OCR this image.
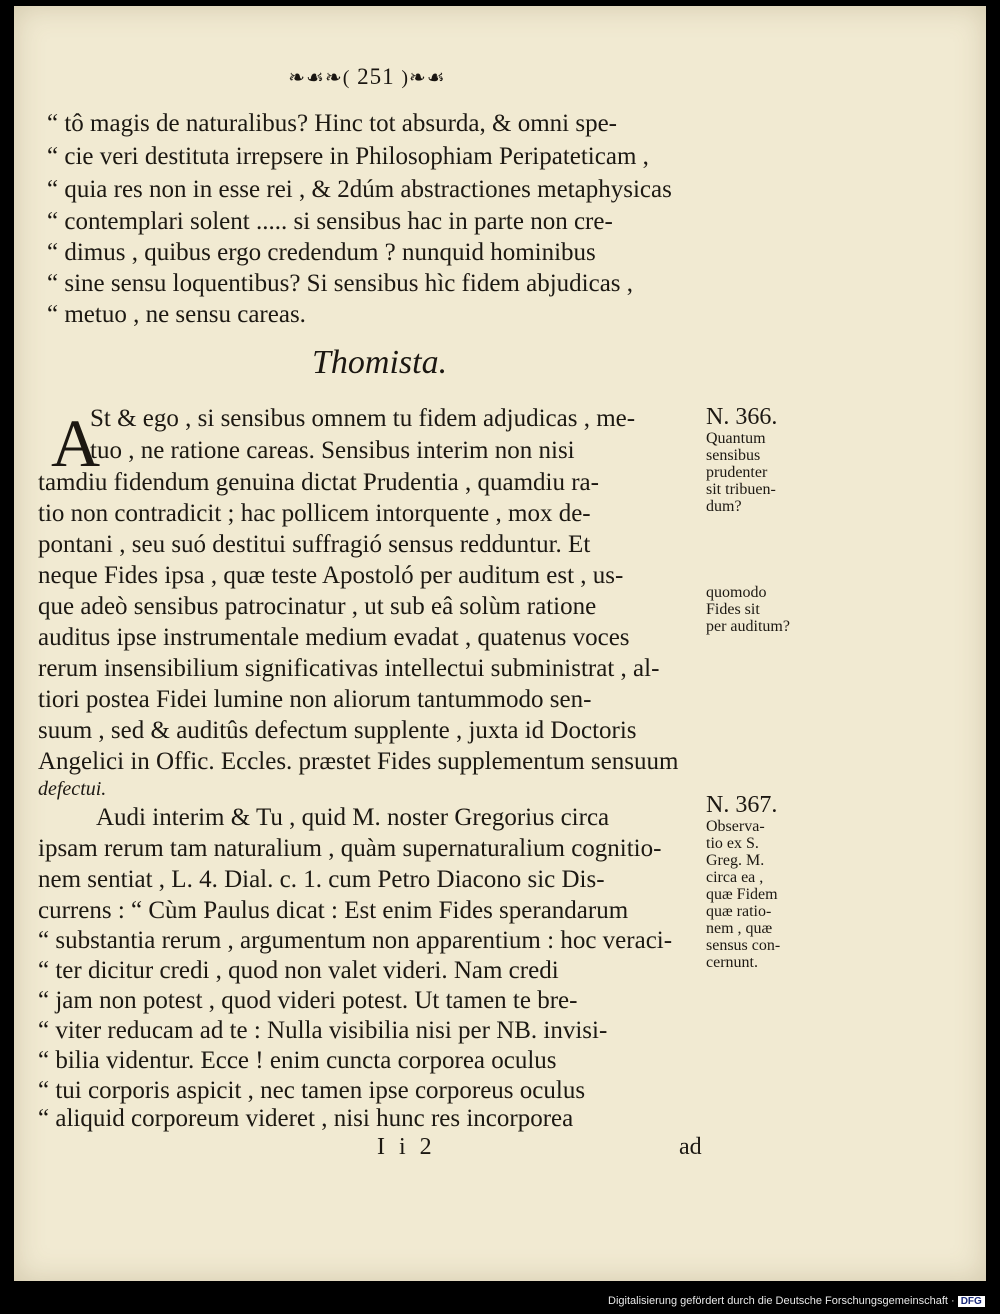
❧☙❧( 251 )❧☙
“ tô magis de naturalibus? Hinc tot absurda, & omni spe-
“ cie veri destituta irrepsere in Philosophiam Peripateticam ,
“ quia res non in esse rei , & 2dúm abstractiones metaphysicas
“ contemplari solent ..... si sensibus hac in parte non cre-
“ dimus , quibus ergo credendum ? nunquid hominibus
“ sine sensu loquentibus? Si sensibus hìc fidem abjudicas ,
“ metuo , ne sensu careas.
Thomista.
A
St & ego , si sensibus omnem tu fidem adjudicas , me-
tuo , ne ratione careas. Sensibus interim non nisi
tamdiu fidendum genuina dictat Prudentia , quamdiu ra-
tio non contradicit ; hac pollicem intorquente , mox de-
pontani , seu suó destitui suffragió sensus redduntur. Et
neque Fides ipsa , quæ teste Apostoló per auditum est , us-
que adeò sensibus patrocinatur , ut sub eâ solùm ratione
auditus ipse instrumentale medium evadat , quatenus voces
rerum insensibilium significativas intellectui subministrat , al-
tiori postea Fidei lumine non aliorum tantummodo sen-
suum , sed & auditûs defectum supplente , juxta id Doctoris
Angelici in Offic. Eccles. præstet Fides supplementum sensuum
defectui.
Audi interim & Tu , quid M. noster Gregorius circa
ipsam rerum tam naturalium , quàm supernaturalium cognitio-
nem sentiat , L. 4. Dial. c. 1. cum Petro Diacono sic Dis-
currens : “ Cùm Paulus dicat : Est enim Fides sperandarum
“ substantia rerum , argumentum non apparentium : hoc veraci-
“ ter dicitur credi , quod non valet videri. Nam credi
“ jam non potest , quod videri potest. Ut tamen te bre-
“ viter reducam ad te : Nulla visibilia nisi per NB. invisi-
“ bilia videntur. Ecce ! enim cuncta corporea oculus
“ tui corporis aspicit , nec tamen ipse corporeus oculus
“ aliquid corporeum videret , nisi hunc res incorporea
N. 366.
Quantum
sensibus
prudenter
sit tribuen-
dum?
quomodo
Fides sit
per auditum?
N. 367.
Observa-
tio ex S.
Greg. M.
circa ea ,
quæ Fidem
quæ ratio-
nem , quæ
sensus con-
cernunt.
I i 2	ad
Digitalisierung gefördert durch die Deutsche Forschungsgemeinschaft · DFG
